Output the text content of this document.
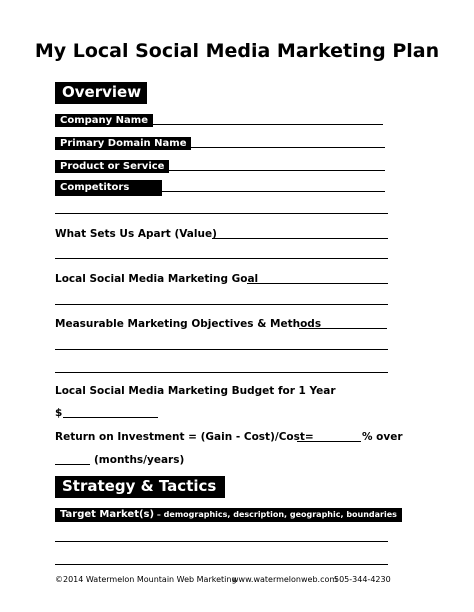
My Local Social Media Marketing Plan
Overview
Company Name
Primary Domain Name
Product or Service
Competitors
What Sets Us Apart (Value)
Local Social Media Marketing Goal
Measurable Marketing Objectives & Methods
Local Social Media Marketing Budget for 1 Year
$
Return on Investment = (Gain - Cost)/Cost=	% over
(months/years)
Strategy & Tactics
Target Market(s) – demographics, description, geographic, boundaries
©2014 Watermelon Mountain Web Marketing
www.watermelonweb.com
505-344-4230
